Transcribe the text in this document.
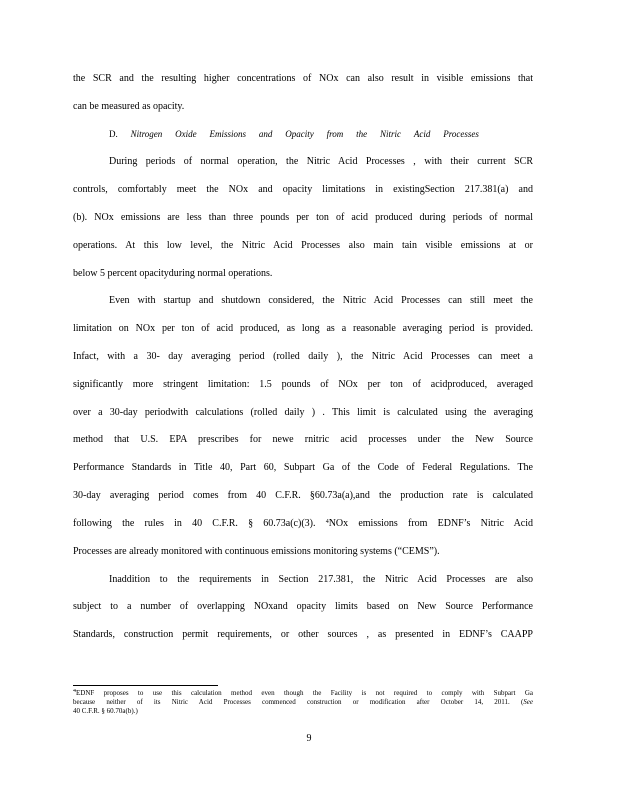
the SCR and the resulting higher concentrations of NOx can also result in visible emissions that
can be measured as opacity.
D. Nitrogen Oxide Emissions and Opacity from the Nitric Acid Processes
During periods of normal operation, the Nitric Acid Processes , with their current SCR
controls, comfortably meet the NOx and opacity limitations in existingSection 217.381(a) and
(b). NOx emissions are less than three pounds per ton of acid produced during periods of normal
operations. At this low level, the Nitric Acid Processes also main tain visible emissions at or
below 5 percent opacityduring normal operations.
Even with startup and shutdown considered, the Nitric Acid Processes can still meet the
limitation on NOx per ton of acid produced, as long as a reasonable averaging period is provided.
Infact, with a 30- day averaging period (rolled daily ), the Nitric Acid Processes can meet a
significantly more stringent limitation: 1.5 pounds of NOx per ton of acidproduced, averaged
over a 30-day periodwith calculations (rolled daily ) . This limit is calculated using the averaging
method that U.S. EPA prescribes for newe rnitric acid processes under the New Source
Performance Standards in Title 40, Part 60, Subpart Ga of the Code of Federal Regulations. The
30-day averaging period comes from 40 C.F.R. §60.73a(a),and the production rate is calculated
following the rules in 40 C.F.R. § 60.73a(c)(3). $^4$NOx emissions from EDNF’s Nitric Acid
Processes are already monitored with continuous emissions monitoring systems (“CEMS”).
Inaddition to the requirements in Section 217.381, the Nitric Acid Processes are also
subject to a number of overlapping NOxand opacity limits based on New Source Performance
Standards, construction permit requirements, or other sources , as presented in EDNF’s CAAPP
$^4$EDNF proposes to use this calculation method even though the Facility is not required to comply with Subpart Ga
because neither of its Nitric Acid Processes commenced construction or modification after October 14, 2011. (See
40 C.F.R. § 60.70a(b).)
9
